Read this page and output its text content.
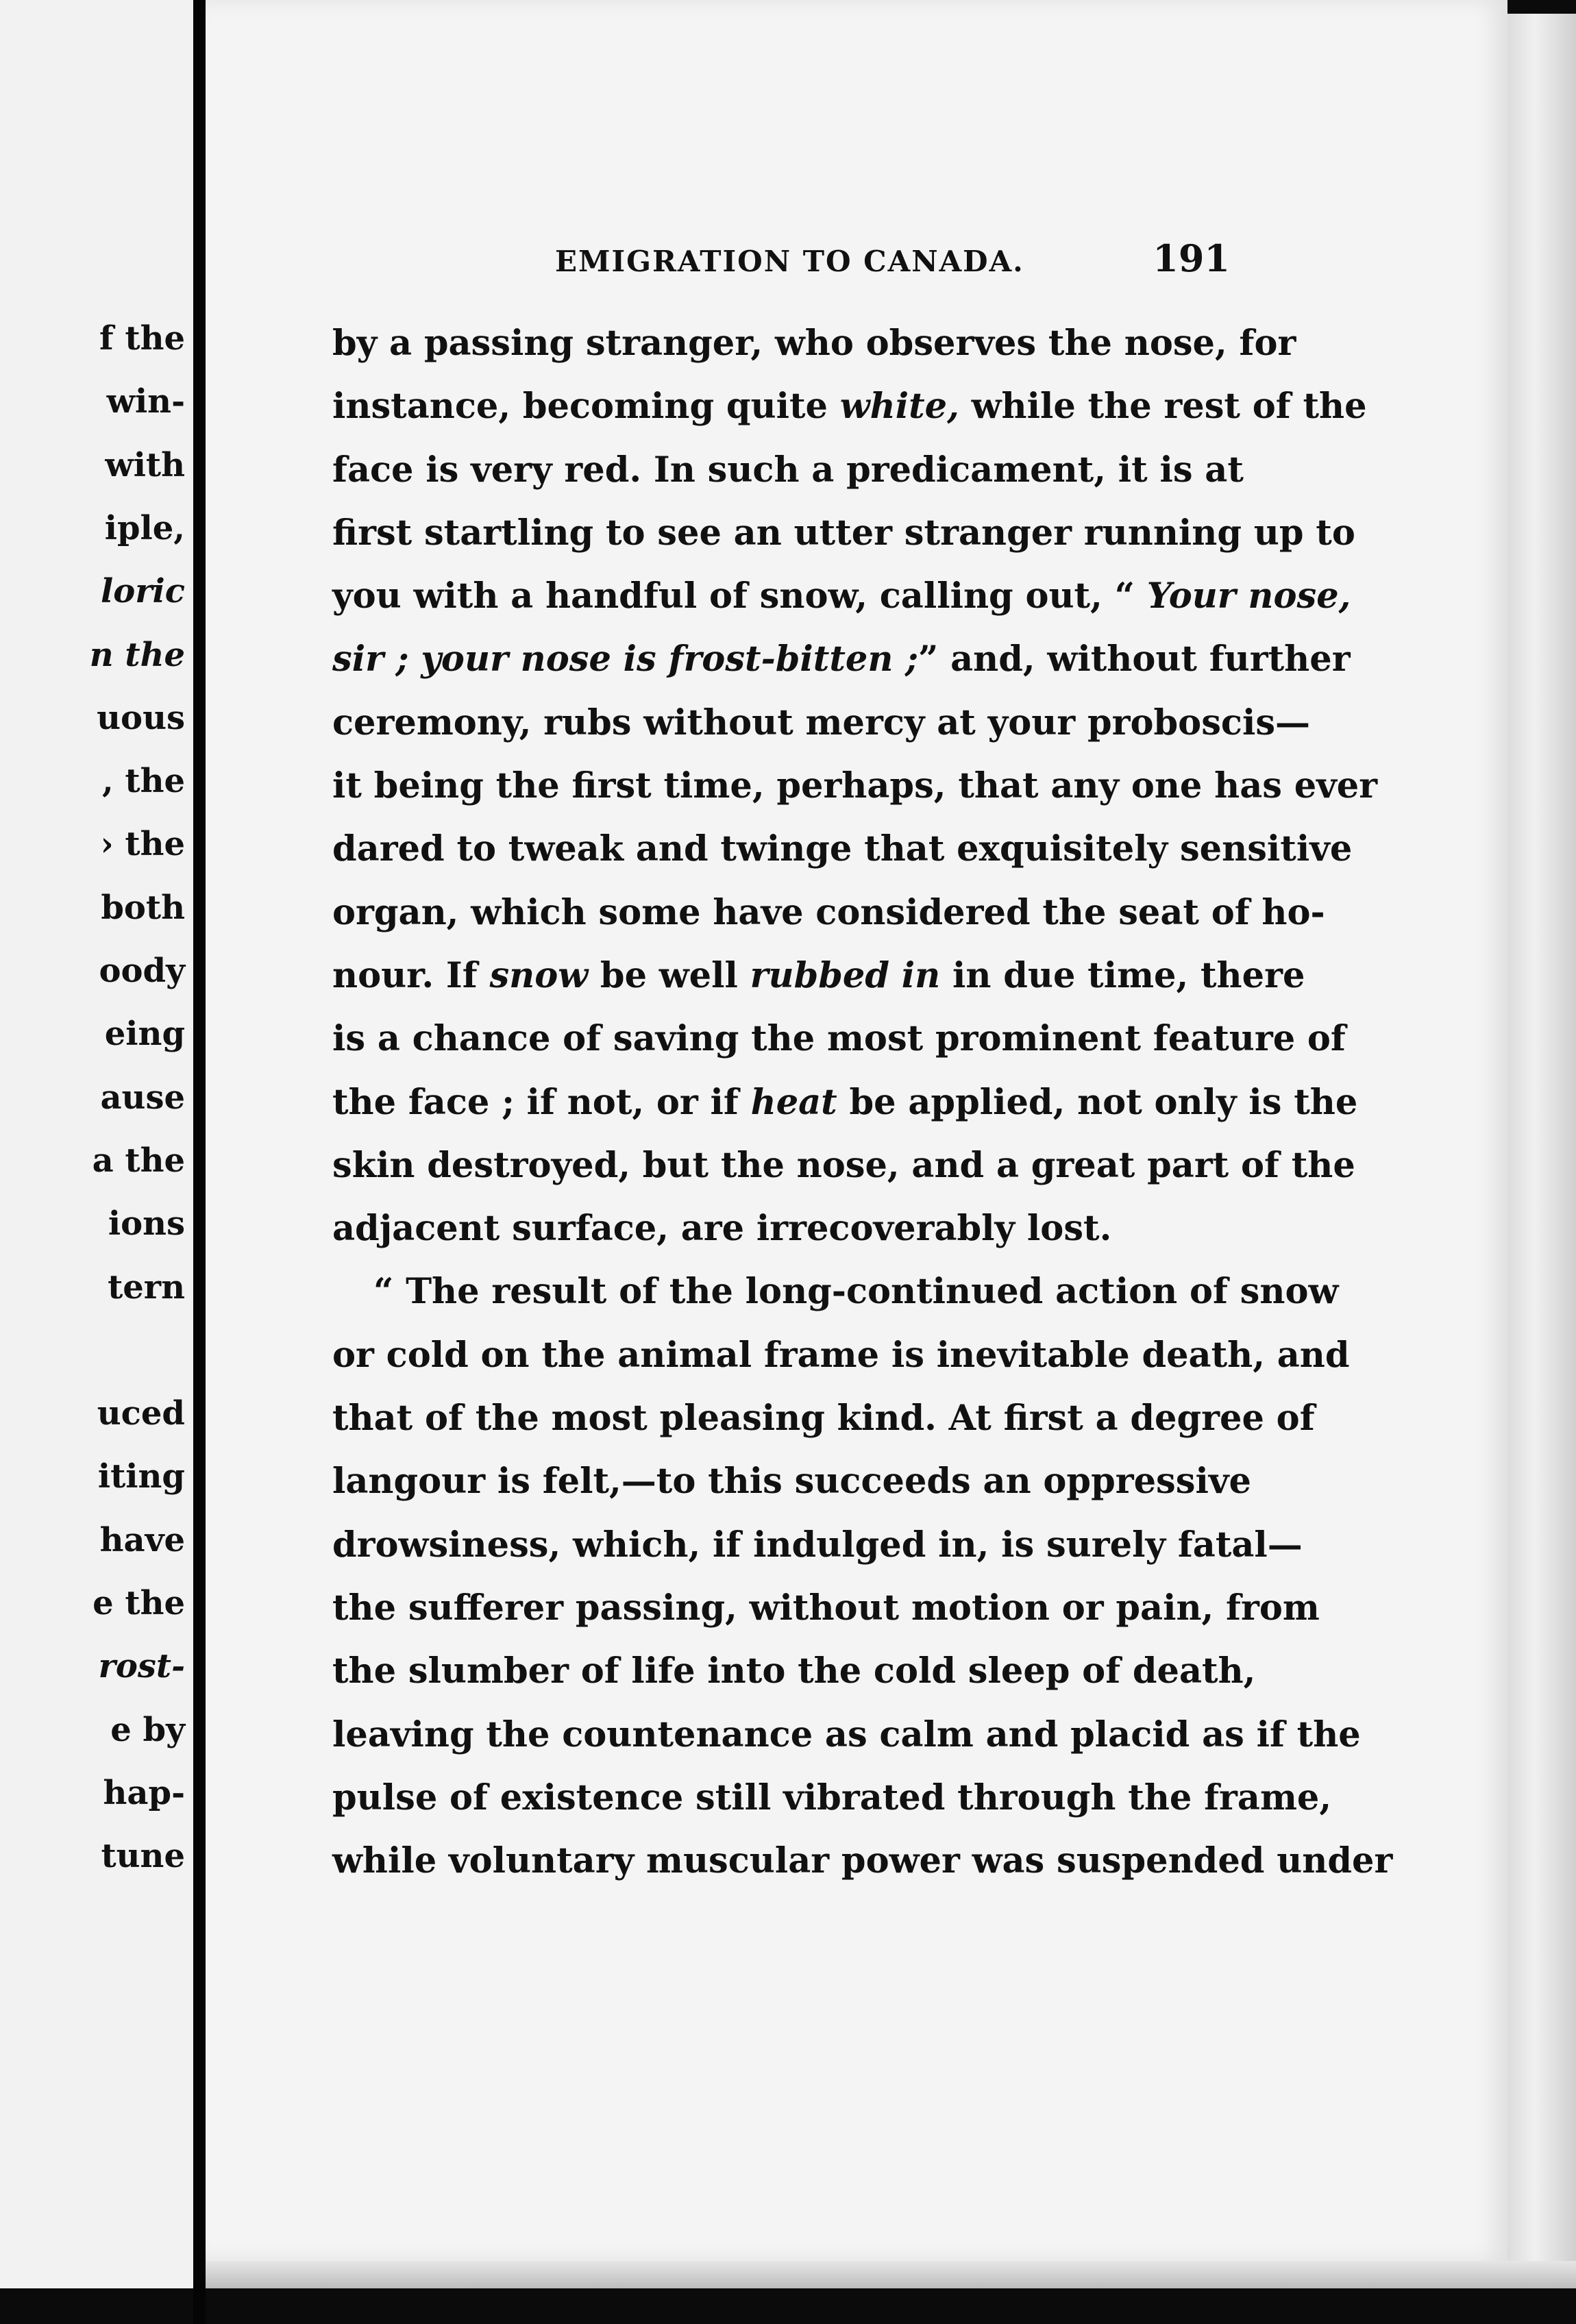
f the
win-
with
iple,
loric
n the
uous
, the
› the
both
oody
eing
ause
a the
ions
tern
uced
iting
have
e the
rost-
e by
hap-
tune
EMIGRATION TO CANADA.	191
by a passing stranger, who observes the nose, for
instance, becoming quite white, while the rest of the
face is very red. In such a predicament, it is at
first startling to see an utter stranger running up to
you with a handful of snow, calling out, “ Your nose,
sir ; your nose is frost-bitten ;” and, without further
ceremony, rubs without mercy at your proboscis—
it being the first time, perhaps, that any one has ever
dared to tweak and twinge that exquisitely sensitive
organ, which some have considered the seat of ho-
nour. If snow be well rubbed in in due time, there
is a chance of saving the most prominent feature of
the face ; if not, or if heat be applied, not only is the
skin destroyed, but the nose, and a great part of the
adjacent surface, are irrecoverably lost.
“ The result of the long-continued action of snow
or cold on the animal frame is inevitable death, and
that of the most pleasing kind. At first a degree of
langour is felt,—to this succeeds an oppressive
drowsiness, which, if indulged in, is surely fatal—
the sufferer passing, without motion or pain, from
the slumber of life into the cold sleep of death,
leaving the countenance as calm and placid as if the
pulse of existence still vibrated through the frame,
while voluntary muscular power was suspended under
